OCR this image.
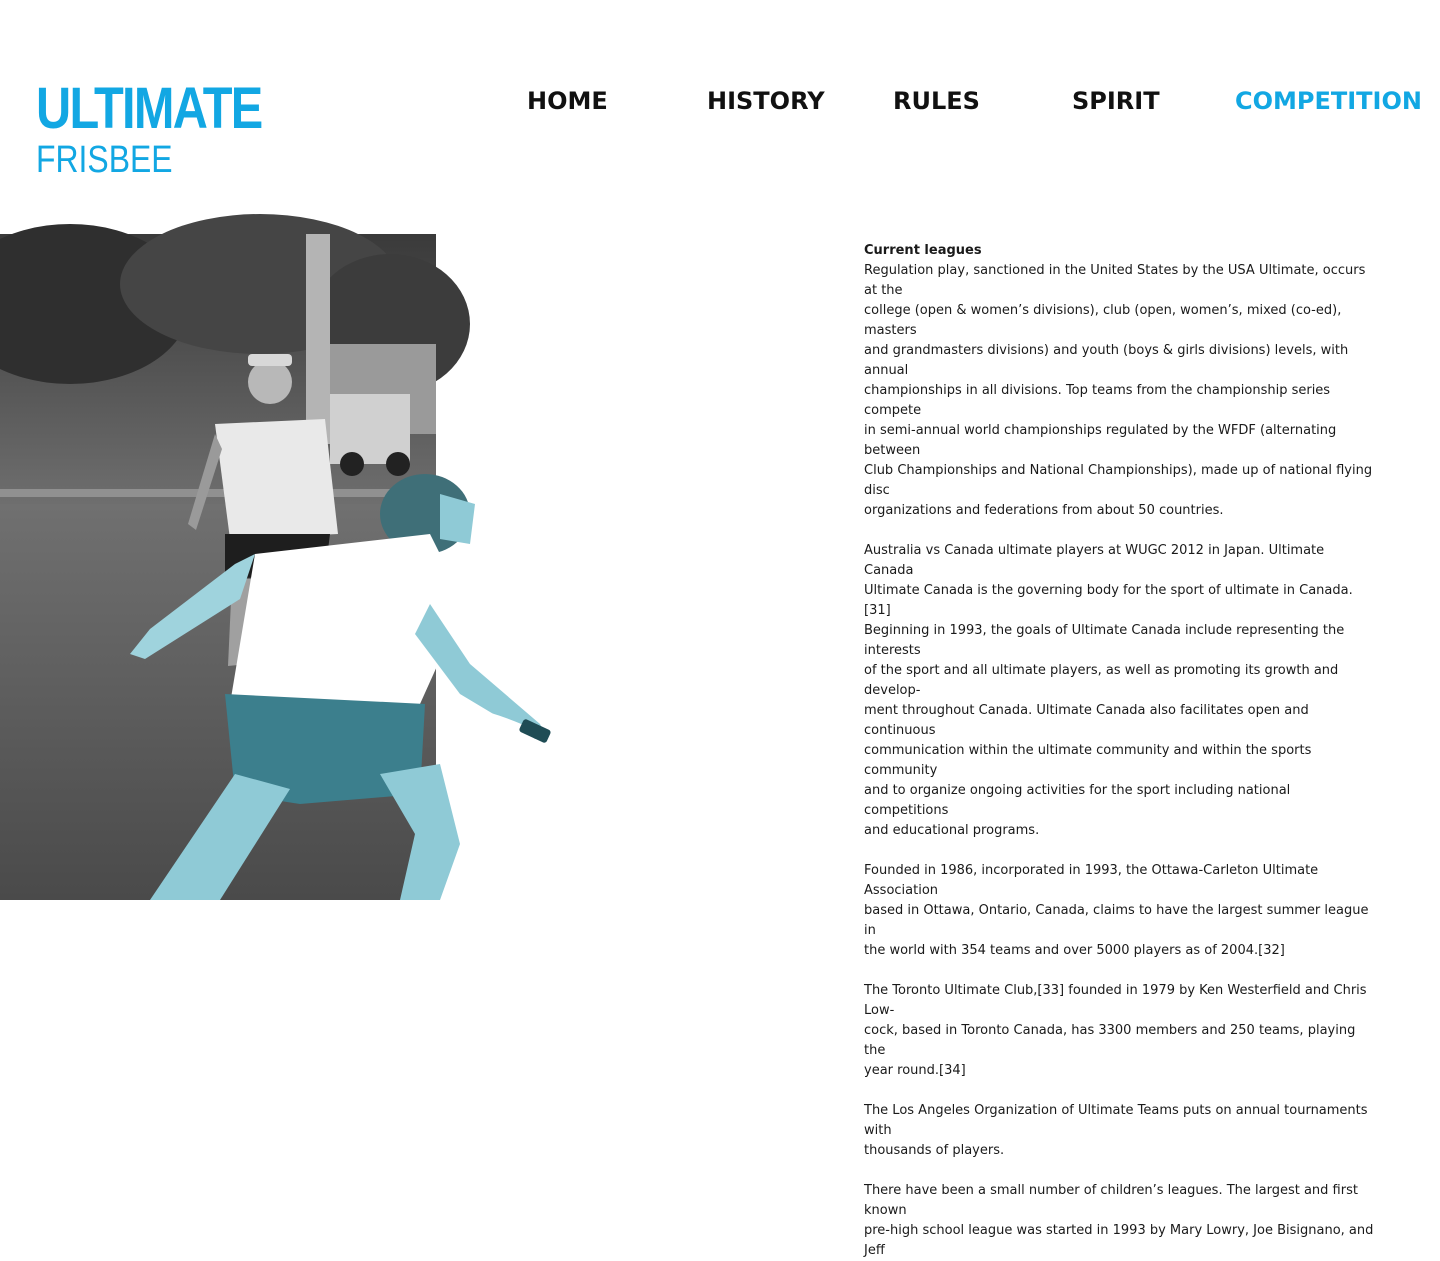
ULTIMATE
FRISBEE
HOME	HISTORY	RULES	SPIRIT	COMPETITION
Current leagues

Regulation play, sanctioned in the United States by the USA Ultimate, occurs at the
college (open & women’s divisions), club (open, women’s, mixed (co-ed), masters
and grandmasters divisions) and youth (boys & girls divisions) levels, with annual
championships in all divisions. Top teams from the championship series compete
in semi-annual world championships regulated by the WFDF (alternating between
Club Championships and National Championships), made up of national flying disc
organizations and federations from about 50 countries.

Australia vs Canada ultimate players at WUGC 2012 in Japan. Ultimate Canada
Ultimate Canada is the governing body for the sport of ultimate in Canada.[31]
Beginning in 1993, the goals of Ultimate Canada include representing the interests
of the sport and all ultimate players, as well as promoting its growth and develop-
ment throughout Canada. Ultimate Canada also facilitates open and continuous
communication within the ultimate community and within the sports community
and to organize ongoing activities for the sport including national competitions
and educational programs.

Founded in 1986, incorporated in 1993, the Ottawa-Carleton Ultimate Association
based in Ottawa, Ontario, Canada, claims to have the largest summer league in
the world with 354 teams and over 5000 players as of 2004.[32]

The Toronto Ultimate Club,[33] founded in 1979 by Ken Westerfield and Chris Low-
cock, based in Toronto Canada, has 3300 members and 250 teams, playing the
year round.[34]

The Los Angeles Organization of Ultimate Teams puts on annual tournaments with
thousands of players.

There have been a small number of children’s leagues. The largest and first known
pre-high school league was started in 1993 by Mary Lowry, Joe Bisignano, and Jeff
